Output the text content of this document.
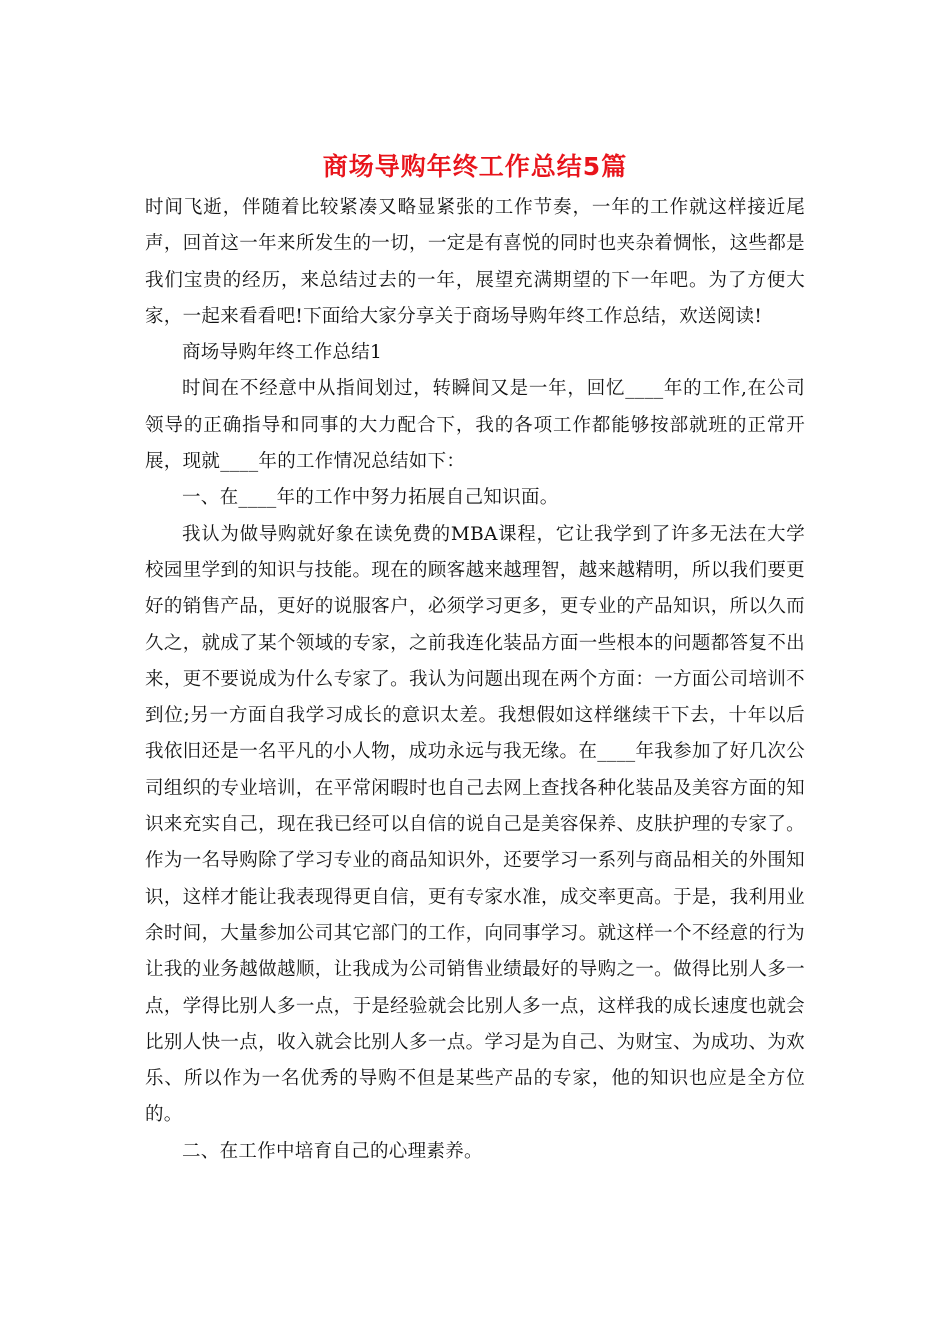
商场导购年终工作总结5篇

时间飞逝，伴随着比较紧凑又略显紧张的工作节奏，一年的工作就这样接近尾声，回首这一年来所发生的一切，一定是有喜悦的同时也夹杂着惆怅，这些都是我们宝贵的经历，来总结过去的一年，展望充满期望的下一年吧。为了方便大家，一起来看看吧!下面给大家分享关于商场导购年终工作总结，欢送阅读!

商场导购年终工作总结1

时间在不经意中从指间划过，转瞬间又是一年，回忆____年的工作,在公司领导的正确指导和同事的大力配合下，我的各项工作都能够按部就班的正常开展，现就____年的工作情况总结如下：

一、在____年的工作中努力拓展自己知识面。

我认为做导购就好象在读免费的MBA课程，它让我学到了许多无法在大学校园里学到的知识与技能。现在的顾客越来越理智，越来越精明，所以我们要更好的销售产品，更好的说服客户，必须学习更多，更专业的产品知识，所以久而久之，就成了某个领域的专家，之前我连化装品方面一些根本的问题都答复不出来，更不要说成为什么专家了。我认为问题出现在两个方面：一方面公司培训不到位;另一方面自我学习成长的意识太差。我想假如这样继续干下去，十年以后我依旧还是一名平凡的小人物，成功永远与我无缘。在____年我参加了好几次公司组织的专业培训，在平常闲暇时也自己去网上查找各种化装品及美容方面的知识来充实自己，现在我已经可以自信的说自己是美容保养、皮肤护理的专家了。作为一名导购除了学习专业的商品知识外，还要学习一系列与商品相关的外围知识，这样才能让我表现得更自信，更有专家水准，成交率更高。于是，我利用业余时间，大量参加公司其它部门的工作，向同事学习。就这样一个不经意的行为让我的业务越做越顺，让我成为公司销售业绩最好的导购之一。做得比别人多一点，学得比别人多一点，于是经验就会比别人多一点，这样我的成长速度也就会比别人快一点，收入就会比别人多一点。学习是为自己、为财宝、为成功、为欢乐、所以作为一名优秀的导购不但是某些产品的专家，他的知识也应是全方位的。

二、在工作中培育自己的心理素养。
